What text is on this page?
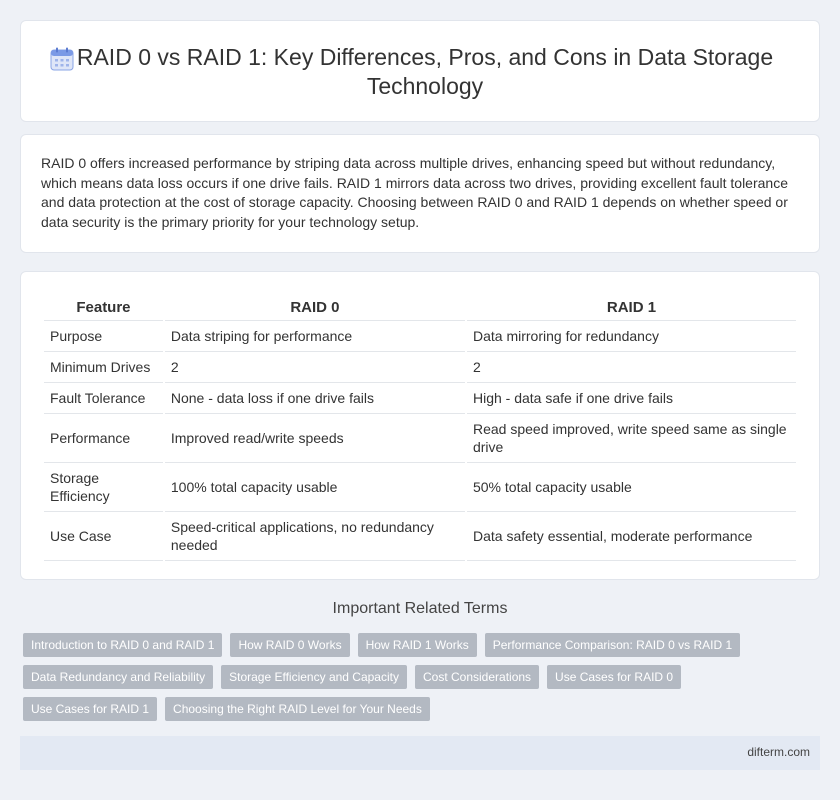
RAID 0 vs RAID 1: Key Differences, Pros, and Cons in Data Storage Technology

RAID 0 offers increased performance by striping data across multiple drives, enhancing speed but without redundancy, which means data loss occurs if one drive fails. RAID 1 mirrors data across two drives, providing excellent fault tolerance and data protection at the cost of storage capacity. Choosing between RAID 0 and RAID 1 depends on whether speed or data security is the primary priority for your technology setup.

Feature	RAID 0	RAID 1
Purpose	Data striping for performance	Data mirroring for redundancy
Minimum Drives	2	2
Fault Tolerance	None - data loss if one drive fails	High - data safe if one drive fails
Performance	Improved read/write speeds	Read speed improved, write speed same as single drive
Storage Efficiency	100% total capacity usable	50% total capacity usable
Use Case	Speed-critical applications, no redundancy needed	Data safety essential, moderate performance
Important Related Terms
Introduction to RAID 0 and RAID 1	How RAID 0 Works	How RAID 1 Works	Performance Comparison: RAID 0 vs RAID 1
Data Redundancy and Reliability	Storage Efficiency and Capacity	Cost Considerations	Use Cases for RAID 0
Use Cases for RAID 1	Choosing the Right RAID Level for Your Needs
difterm.com
